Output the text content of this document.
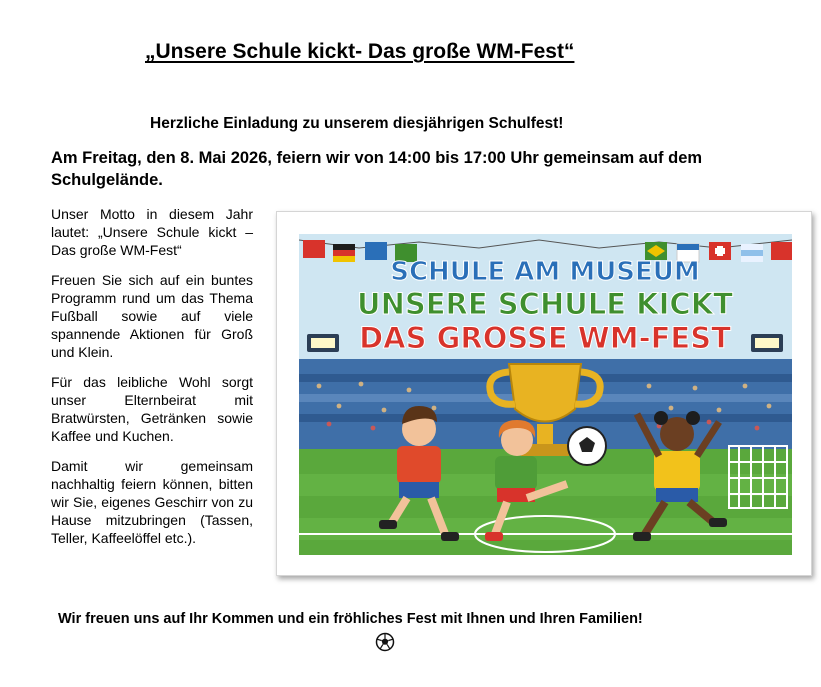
„Unsere Schule kickt- Das große WM-Fest“

Herzliche Einladung zu unserem diesjährigen Schulfest!

Am Freitag, den 8. Mai 2026, feiern wir von 14:00 bis 17:00 Uhr gemeinsam auf dem Schulgelände.

Unser Motto in diesem Jahr lautet: „Unsere Schule kickt – Das große WM-Fest“

Freuen Sie sich auf ein buntes Programm rund um das Thema Fußball sowie auf viele spannende Aktionen für Groß und Klein.

Für das leibliche Wohl sorgt unser Elternbeirat mit Bratwürsten, Getränken sowie Kaffee und Kuchen.

Damit wir gemeinsam nachhaltig feiern können, bitten wir Sie, eigenes Geschirr von zu Hause mitzubringen (Tassen, Teller, Kaffeelöffel etc.).

SCHULE AM MUSEUM
UNSERE SCHULE KICKT
DAS GROSSE WM-FEST

Wir freuen uns auf Ihr Kommen und ein fröhliches Fest mit Ihnen und Ihren Familien!
